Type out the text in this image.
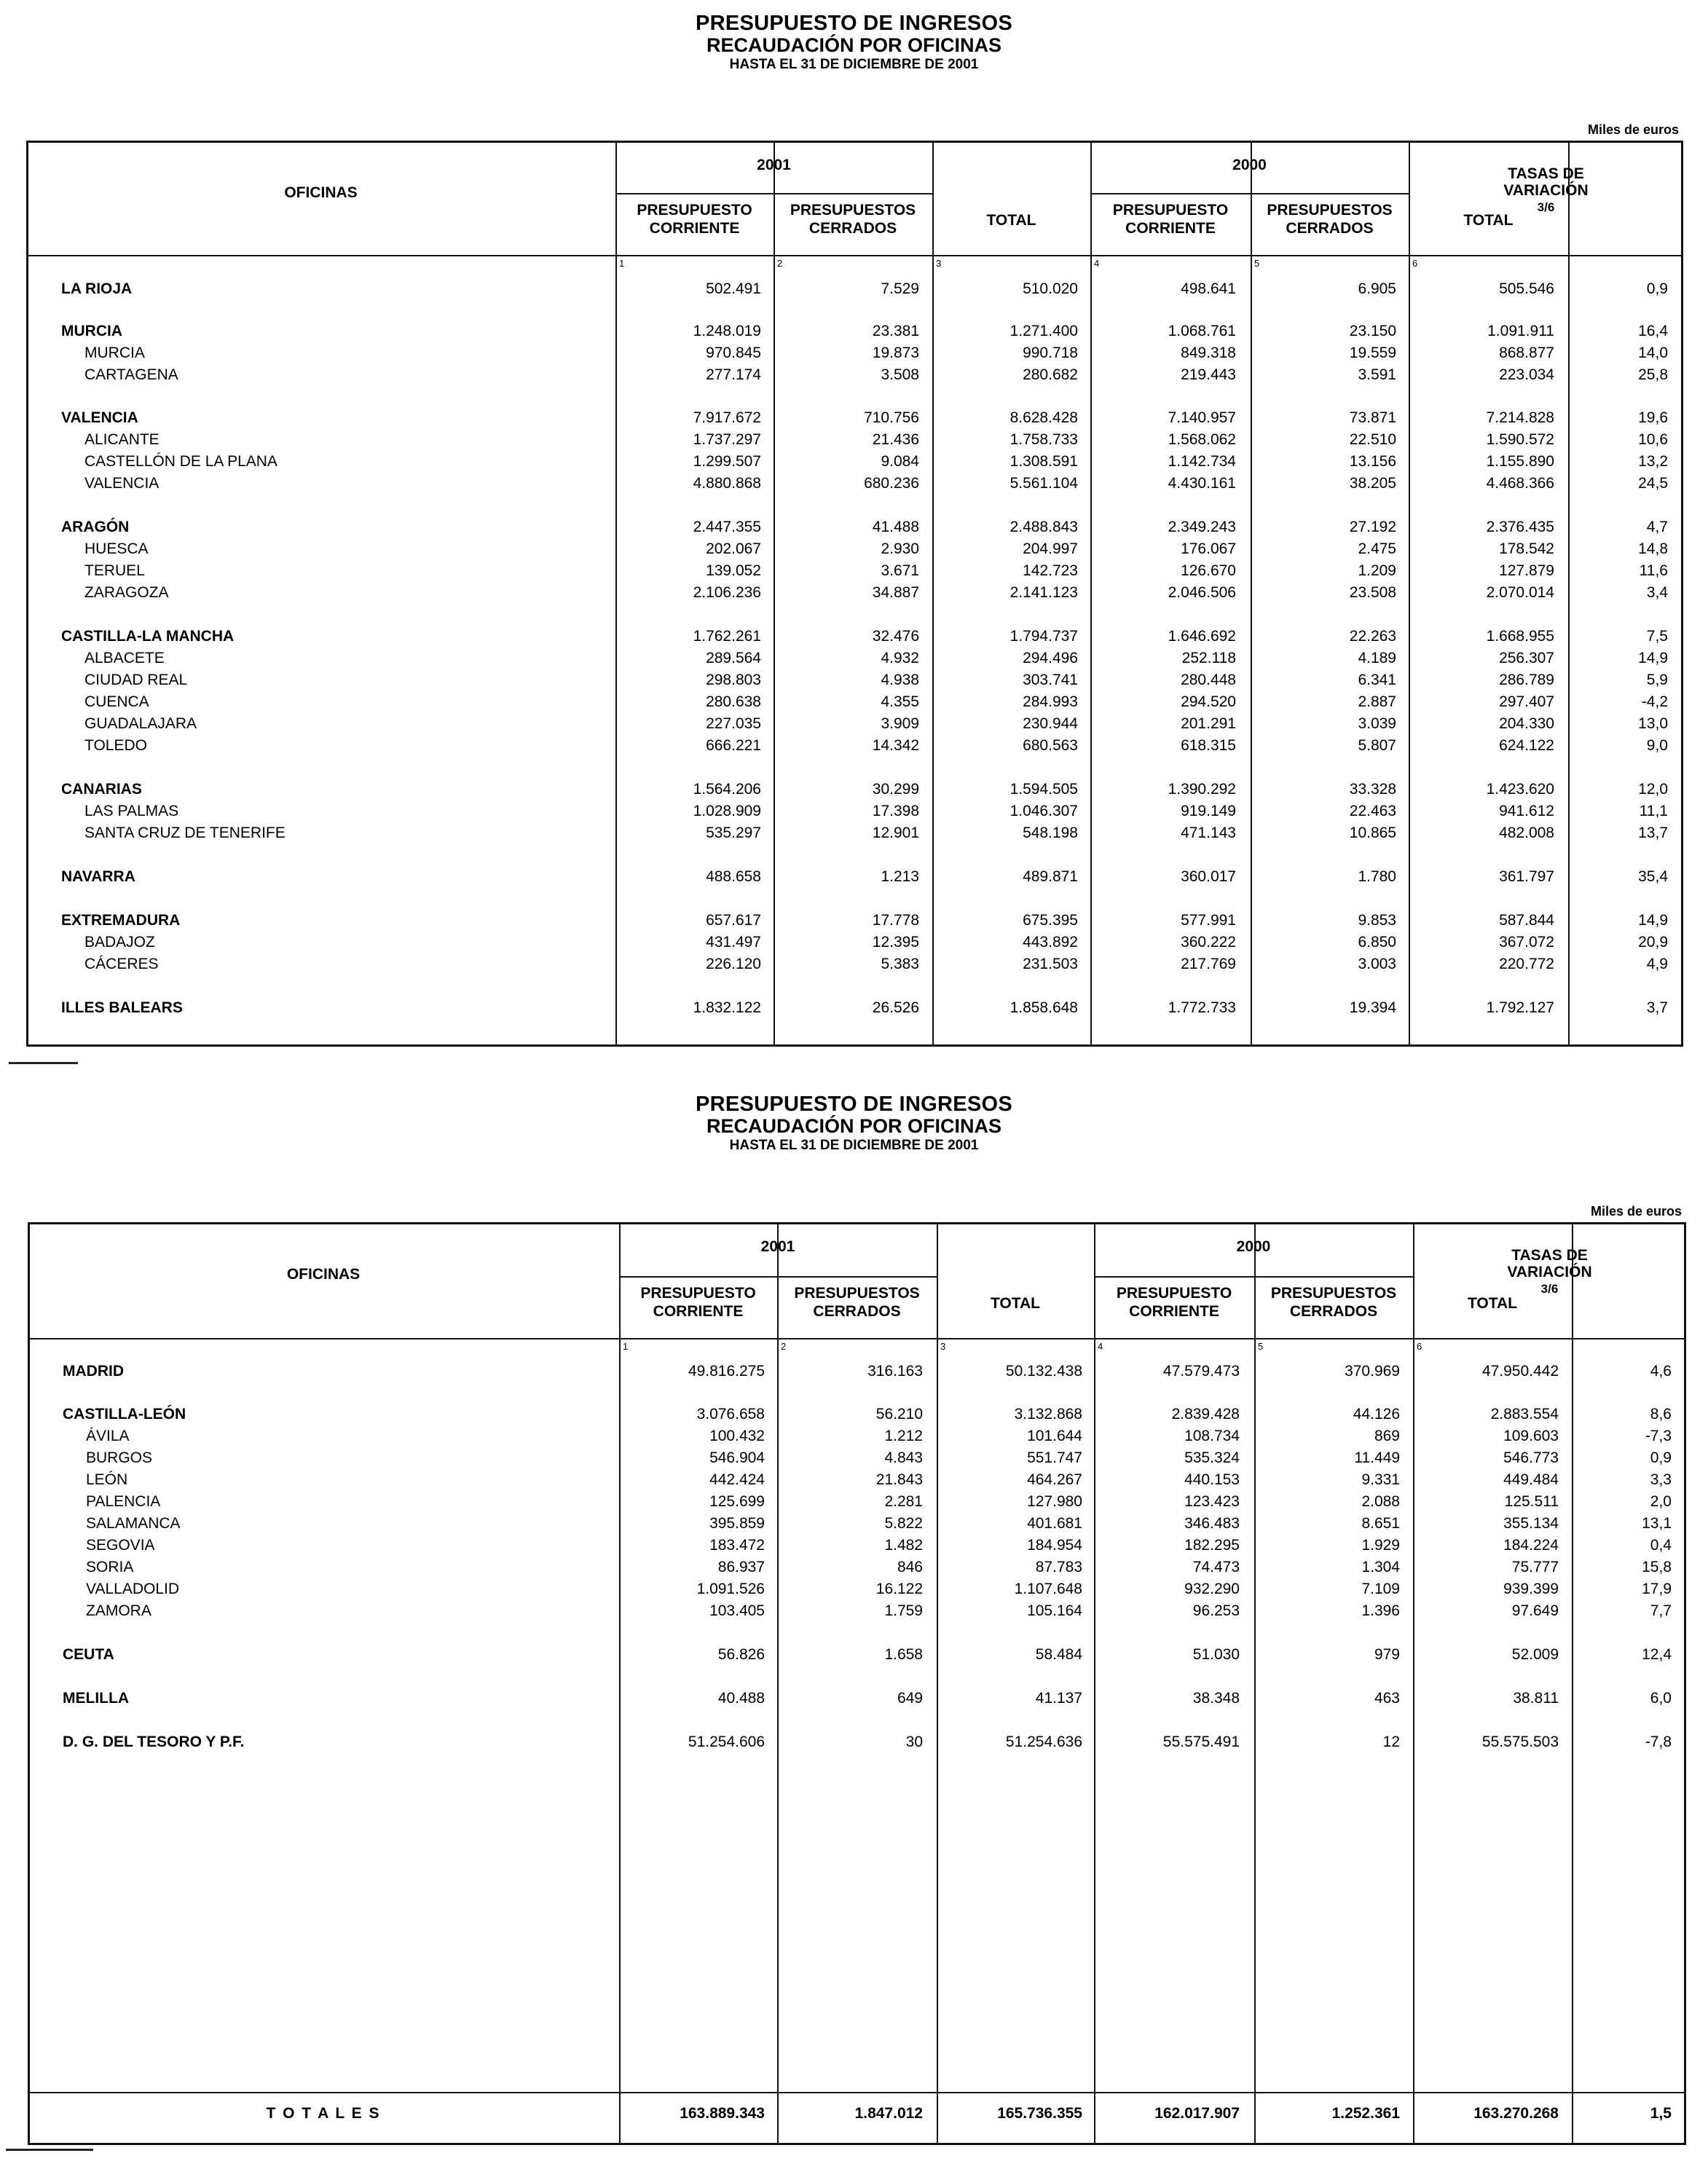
PRESUPUESTO DE INGRESOS
RECAUDACIÓN POR OFICINAS
HASTA EL 31 DE DICIEMBRE DE 2001
Miles de euros
OFICINAS
2001	2000
TASAS DE
VARIACIÓN
3/6
PRESUPUESTO
CORRIENTE
PRESUPUESTOS
CERRADOS	TOTAL
PRESUPUESTO
CORRIENTE
PRESUPUESTOS
CERRADOS	TOTAL
1	2	3	4	5	6
LA RIOJA	502.491	7.529	510.020	498.641	6.905	505.546	0,9
MURCIA	1.248.019	23.381	1.271.400	1.068.761	23.150	1.091.911	16,4
MURCIA	970.845	19.873	990.718	849.318	19.559	868.877	14,0
CARTAGENA	277.174	3.508	280.682	219.443	3.591	223.034	25,8
VALENCIA	7.917.672	710.756	8.628.428	7.140.957	73.871	7.214.828	19,6
ALICANTE	1.737.297	21.436	1.758.733	1.568.062	22.510	1.590.572	10,6
CASTELLÓN DE LA PLANA	1.299.507	9.084	1.308.591	1.142.734	13.156	1.155.890	13,2
VALENCIA	4.880.868	680.236	5.561.104	4.430.161	38.205	4.468.366	24,5
ARAGÓN	2.447.355	41.488	2.488.843	2.349.243	27.192	2.376.435	4,7
HUESCA	202.067	2.930	204.997	176.067	2.475	178.542	14,8
TERUEL	139.052	3.671	142.723	126.670	1.209	127.879	11,6
ZARAGOZA	2.106.236	34.887	2.141.123	2.046.506	23.508	2.070.014	3,4
CASTILLA-LA MANCHA	1.762.261	32.476	1.794.737	1.646.692	22.263	1.668.955	7,5
ALBACETE	289.564	4.932	294.496	252.118	4.189	256.307	14,9
CIUDAD REAL	298.803	4.938	303.741	280.448	6.341	286.789	5,9
CUENCA	280.638	4.355	284.993	294.520	2.887	297.407	-4,2
GUADALAJARA	227.035	3.909	230.944	201.291	3.039	204.330	13,0
TOLEDO	666.221	14.342	680.563	618.315	5.807	624.122	9,0
CANARIAS	1.564.206	30.299	1.594.505	1.390.292	33.328	1.423.620	12,0
LAS PALMAS	1.028.909	17.398	1.046.307	919.149	22.463	941.612	11,1
SANTA CRUZ DE TENERIFE	535.297	12.901	548.198	471.143	10.865	482.008	13,7
NAVARRA	488.658	1.213	489.871	360.017	1.780	361.797	35,4
EXTREMADURA	657.617	17.778	675.395	577.991	9.853	587.844	14,9
BADAJOZ	431.497	12.395	443.892	360.222	6.850	367.072	20,9
CÁCERES	226.120	5.383	231.503	217.769	3.003	220.772	4,9
ILLES BALEARS	1.832.122	26.526	1.858.648	1.772.733	19.394	1.792.127	3,7
PRESUPUESTO DE INGRESOS
RECAUDACIÓN POR OFICINAS
HASTA EL 31 DE DICIEMBRE DE 2001
Miles de euros
OFICINAS
2001	2000
TASAS DE
VARIACIÓN
3/6
PRESUPUESTO
CORRIENTE
PRESUPUESTOS
CERRADOS	TOTAL
PRESUPUESTO
CORRIENTE
PRESUPUESTOS
CERRADOS	TOTAL
1	2	3	4	5	6
MADRID	49.816.275	316.163	50.132.438	47.579.473	370.969	47.950.442	4,6
CASTILLA-LEÓN	3.076.658	56.210	3.132.868	2.839.428	44.126	2.883.554	8,6
ÁVILA	100.432	1.212	101.644	108.734	869	109.603	-7,3
BURGOS	546.904	4.843	551.747	535.324	11.449	546.773	0,9
LEÓN	442.424	21.843	464.267	440.153	9.331	449.484	3,3
PALENCIA	125.699	2.281	127.980	123.423	2.088	125.511	2,0
SALAMANCA	395.859	5.822	401.681	346.483	8.651	355.134	13,1
SEGOVIA	183.472	1.482	184.954	182.295	1.929	184.224	0,4
SORIA	86.937	846	87.783	74.473	1.304	75.777	15,8
VALLADOLID	1.091.526	16.122	1.107.648	932.290	7.109	939.399	17,9
ZAMORA	103.405	1.759	105.164	96.253	1.396	97.649	7,7
CEUTA	56.826	1.658	58.484	51.030	979	52.009	12,4
MELILLA	40.488	649	41.137	38.348	463	38.811	6,0
D. G. DEL TESORO Y P.F.	51.254.606	30	51.254.636	55.575.491	12	55.575.503	-7,8
T O T A L E S	163.889.343	1.847.012	165.736.355	162.017.907	1.252.361	163.270.268	1,5
